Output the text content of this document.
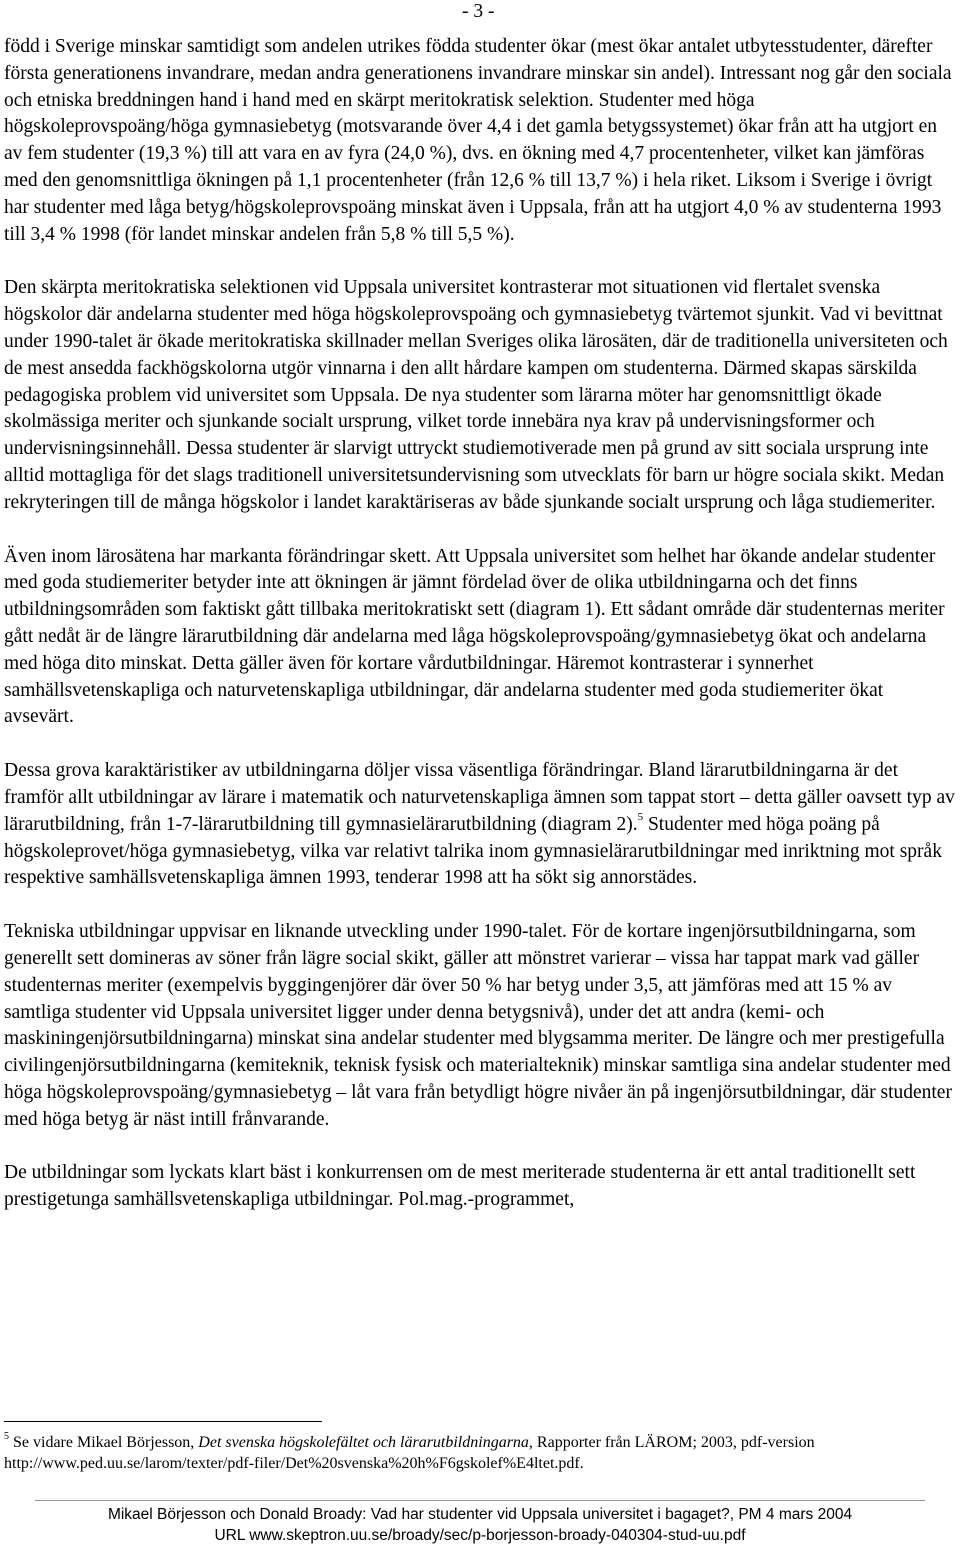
- 3 -

född i Sverige minskar samtidigt som andelen utrikes födda studenter ökar (mest ökar antalet utbytesstudenter, därefter första generationens invandrare, medan andra generationens invandrare minskar sin andel). Intressant nog går den sociala och etniska breddningen hand i hand med en skärpt meritokratisk selektion. Studenter med höga högskoleprovspoäng/höga gymnasiebetyg (motsvarande över 4,4 i det gamla betygssystemet) ökar från att ha utgjort en av fem studenter (19,3 %) till att vara en av fyra (24,0 %), dvs. en ökning med 4,7 procentenheter, vilket kan jämföras med den genomsnittliga ökningen på 1,1 procentenheter (från 12,6 % till 13,7 %) i hela riket. Liksom i Sverige i övrigt har studenter med låga betyg/högskoleprovspoäng minskat även i Uppsala, från att ha utgjort 4,0 % av studenterna 1993 till 3,4 % 1998 (för landet minskar andelen från 5,8 % till 5,5 %).

Den skärpta meritokratiska selektionen vid Uppsala universitet kontrasterar mot situationen vid flertalet svenska högskolor där andelarna studenter med höga högskoleprovspoäng och gymnasiebetyg tvärtemot sjunkit. Vad vi bevittnat under 1990-talet är ökade meritokratiska skillnader mellan Sveriges olika lärosäten, där de traditionella universiteten och de mest ansedda fackhögskolorna utgör vinnarna i den allt hårdare kampen om studenterna. Därmed skapas särskilda pedagogiska problem vid universitet som Uppsala. De nya studenter som lärarna möter har genomsnittligt ökade skolmässiga meriter och sjunkande socialt ursprung, vilket torde innebära nya krav på undervisningsformer och undervisningsinnehåll. Dessa studenter är slarvigt uttryckt studiemotiverade men på grund av sitt sociala ursprung inte alltid mottagliga för det slags traditionell universitetsundervisning som utvecklats för barn ur högre sociala skikt. Medan rekryteringen till de många högskolor i landet karaktäriseras av både sjunkande socialt ursprung och låga studiemeriter.

Även inom lärosätena har markanta förändringar skett. Att Uppsala universitet som helhet har ökande andelar studenter med goda studiemeriter betyder inte att ökningen är jämnt fördelad över de olika utbildningarna och det finns utbildningsområden som faktiskt gått tillbaka meritokratiskt sett (diagram 1). Ett sådant område där studenternas meriter gått nedåt är de längre lärarutbildning där andelarna med låga högskoleprovspoäng/gymnasiebetyg ökat och andelarna med höga dito minskat. Detta gäller även för kortare vårdutbildningar. Häremot kontrasterar i synnerhet samhällsvetenskapliga och naturvetenskapliga utbildningar, där andelarna studenter med goda studiemeriter ökat avsevärt.

Dessa grova karaktäristiker av utbildningarna döljer vissa väsentliga förändringar. Bland lärarutbildningarna är det framför allt utbildningar av lärare i matematik och naturvetenskapliga ämnen som tappat stort – detta gäller oavsett typ av lärarutbildning, från 1-7-lärarutbildning till gymnasielärarutbildning (diagram 2).$^5$ Studenter med höga poäng på högskoleprovet/höga gymnasiebetyg, vilka var relativt talrika inom gymnasielärarutbildningar med inriktning mot språk respektive samhällsvetenskapliga ämnen 1993, tenderar 1998 att ha sökt sig annorstädes.

Tekniska utbildningar uppvisar en liknande utveckling under 1990-talet. För de kortare ingenjörsutbildningarna, som generellt sett domineras av söner från lägre social skikt, gäller att mönstret varierar – vissa har tappat mark vad gäller studenternas meriter (exempelvis byggingenjörer där över 50 % har betyg under 3,5, att jämföras med att 15 % av samtliga studenter vid Uppsala universitet ligger under denna betygsnivå), under det att andra (kemi- och maskiningenjörsutbildningarna) minskat sina andelar studenter med blygsamma meriter. De längre och mer prestigefulla civilingenjörsutbildningarna (kemiteknik, teknisk fysisk och materialteknik) minskar samtliga sina andelar studenter med höga högskoleprovspoäng/gymnasiebetyg – låt vara från betydligt högre nivåer än på ingenjörsutbildningar, där studenter med höga betyg är näst intill frånvarande.

De utbildningar som lyckats klart bäst i konkurrensen om de mest meriterade studenterna är ett antal traditionellt sett prestigetunga samhällsvetenskapliga utbildningar. Pol.mag.-programmet,

$^5$ Se vidare Mikael Börjesson, Det svenska högskolefältet och lärarutbildningarna, Rapporter från LÄROM; 2003, pdf-version http://www.ped.uu.se/larom/texter/pdf-filer/Det%20svenska%20h%F6gskolef%E4ltet.pdf.
Mikael Börjesson och Donald Broady: Vad har studenter vid Uppsala universitet i bagaget?, PM 4 mars 2004
URL www.skeptron.uu.se/broady/sec/p-borjesson-broady-040304-stud-uu.pdf
